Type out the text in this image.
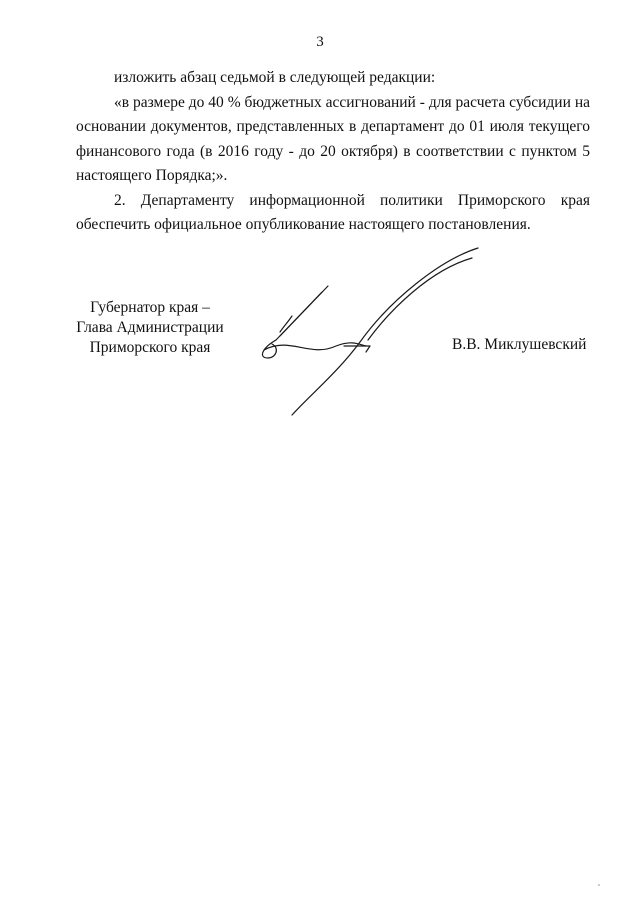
3

изложить абзац седьмой в следующей редакции:

«в размере до 40 % бюджетных ассигнований - для расчета субсидии на основании документов, представленных в департамент до 01 июля текущего финансового года (в 2016 году - до 20 октября) в соответствии с пунктом 5 настоящего Порядка;».

2. Департаменту информационной политики Приморского края обеспечить официальное опубликование настоящего постановления.

Губернатор края –
Глава Администрации
Приморского края	В.В. Миклушевский
